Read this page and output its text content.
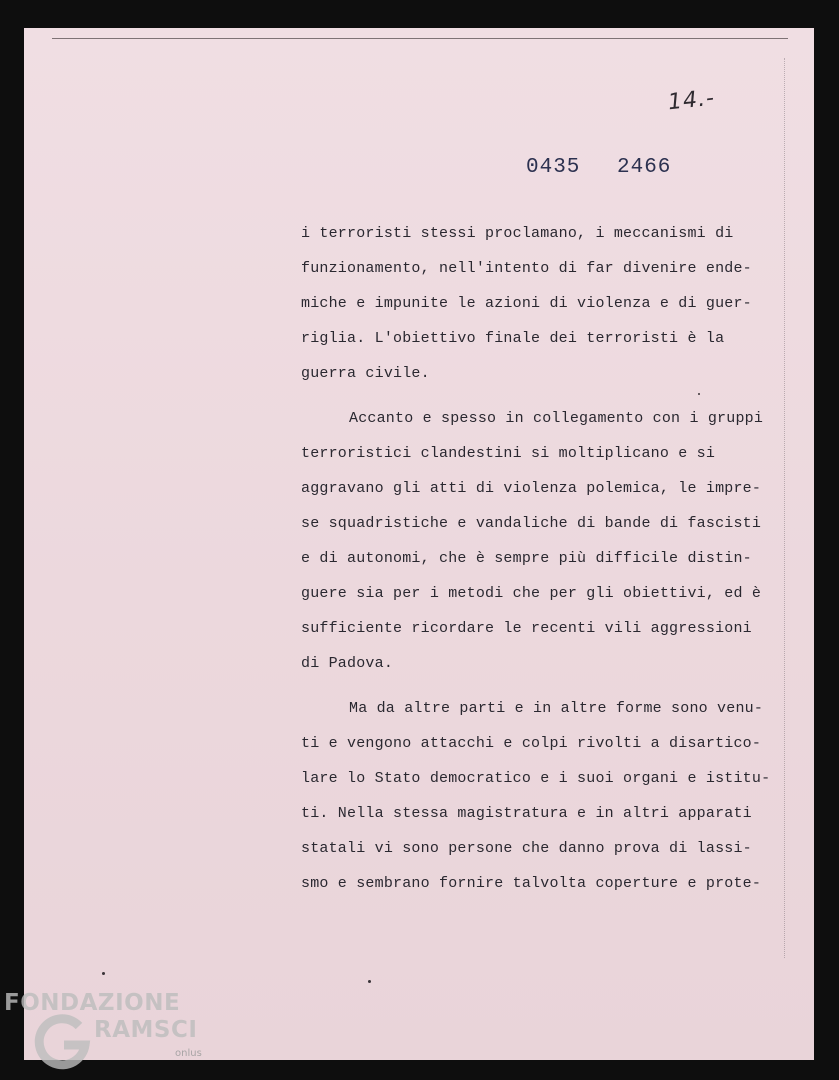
14.-
0435 2466
i terroristi stessi proclamano, i meccanismi di
funzionamento, nell'intento di far divenire ende-
miche e impunite le azioni di violenza e di guer-
riglia. L'obiettivo finale dei terroristi è la
guerra civile.
Accanto e spesso in collegamento con i gruppi
terroristici clandestini si moltiplicano e si
aggravano gli atti di violenza polemica, le impre-
se squadristiche e vandaliche di bande di fascisti
e di autonomi, che è sempre più difficile distin-
guere sia per i metodi che per gli obiettivi, ed è
sufficiente ricordare le recenti vili aggressioni
di Padova.
Ma da altre parti e in altre forme sono venu-
ti e vengono attacchi e colpi rivolti a disartico-
lare lo Stato democratico e i suoi organi e istitu-
ti. Nella stessa magistratura e in altri apparati
statali vi sono persone che danno prova di lassi-
smo e sembrano fornire talvolta coperture e prote-
FONDAZIONE
RAMSCI
onlus
